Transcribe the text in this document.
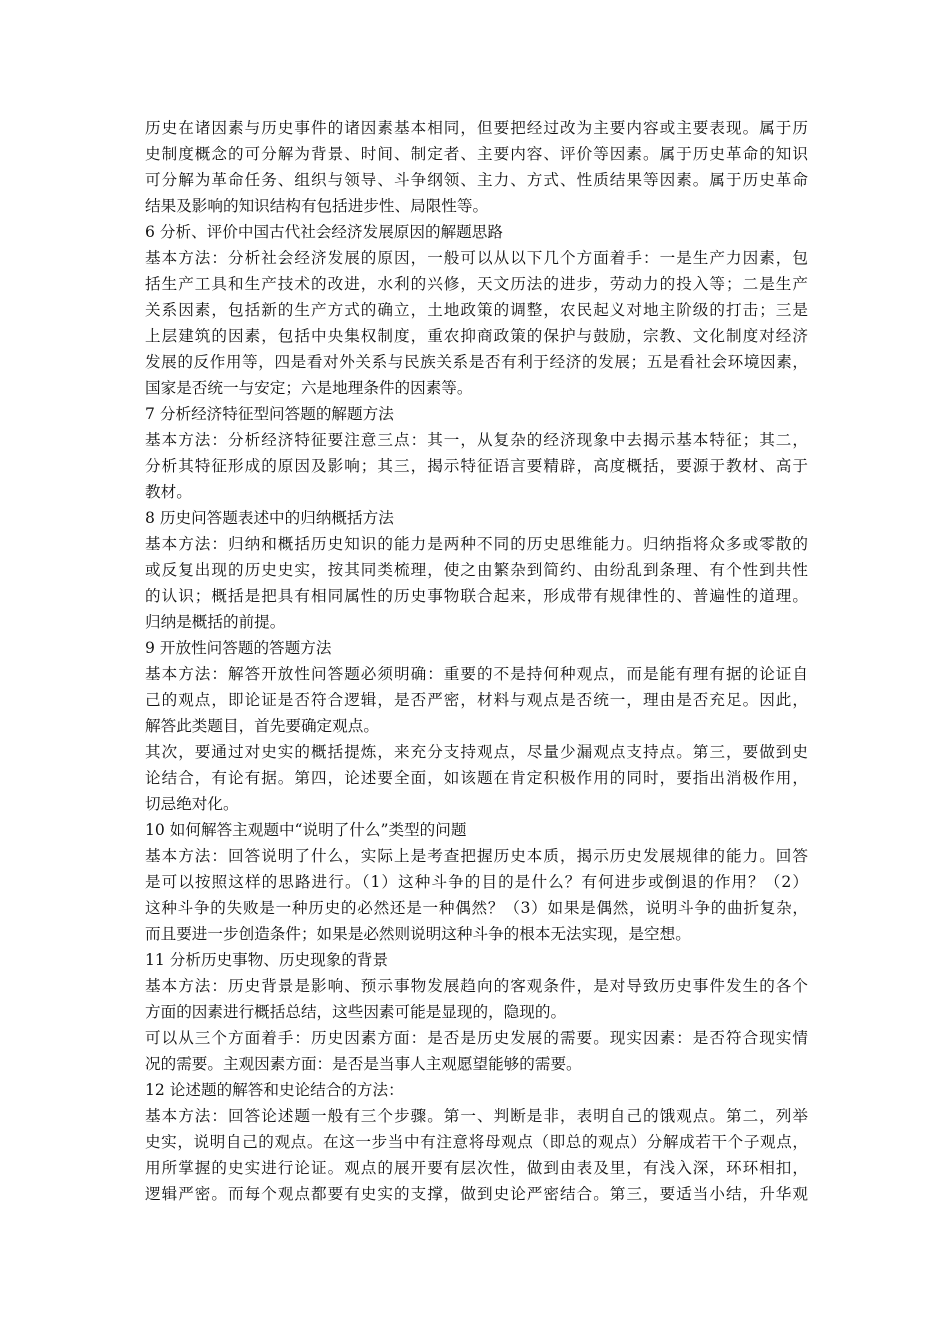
历史在诸因素与历史事件的诸因素基本相同，但要把经过改为主要内容或主要表现。属于历
史制度概念的可分解为背景、时间、制定者、主要内容、评价等因素。属于历史革命的知识
可分解为革命任务、组织与领导、斗争纲领、主力、方式、性质结果等因素。属于历史革命
结果及影响的知识结构有包括进步性、局限性等。
6 分析、评价中国古代社会经济发展原因的解题思路
基本方法：分析社会经济发展的原因，一般可以从以下几个方面着手：一是生产力因素，包
括生产工具和生产技术的改进，水利的兴修，天文历法的进步，劳动力的投入等；二是生产
关系因素，包括新的生产方式的确立，土地政策的调整，农民起义对地主阶级的打击；三是
上层建筑的因素，包括中央集权制度，重农抑商政策的保护与鼓励，宗教、文化制度对经济
发展的反作用等，四是看对外关系与民族关系是否有利于经济的发展；五是看社会环境因素，
国家是否统一与安定；六是地理条件的因素等。
7 分析经济特征型问答题的解题方法
基本方法：分析经济特征要注意三点：其一，从复杂的经济现象中去揭示基本特征；其二，
分析其特征形成的原因及影响；其三，揭示特征语言要精辟，高度概括，要源于教材、高于
教材。
8 历史问答题表述中的归纳概括方法
基本方法：归纳和概括历史知识的能力是两种不同的历史思维能力。归纳指将众多或零散的
或反复出现的历史史实，按其同类梳理，使之由繁杂到简约、由纷乱到条理、有个性到共性
的认识；概括是把具有相同属性的历史事物联合起来，形成带有规律性的、普遍性的道理。
归纳是概括的前提。
9 开放性问答题的答题方法
基本方法：解答开放性问答题必须明确：重要的不是持何种观点，而是能有理有据的论证自
己的观点，即论证是否符合逻辑，是否严密，材料与观点是否统一，理由是否充足。因此，
解答此类题目，首先要确定观点。
其次，要通过对史实的概括提炼，来充分支持观点，尽量少漏观点支持点。第三，要做到史
论结合，有论有据。第四，论述要全面，如该题在肯定积极作用的同时，要指出消极作用，
切忌绝对化。
10 如何解答主观题中“说明了什么”类型的问题
基本方法：回答说明了什么，实际上是考查把握历史本质，揭示历史发展规律的能力。回答
是可以按照这样的思路进行。（1）这种斗争的目的是什么？有何进步或倒退的作用？（2）
这种斗争的失败是一种历史的必然还是一种偶然？（3）如果是偶然，说明斗争的曲折复杂，
而且要进一步创造条件；如果是必然则说明这种斗争的根本无法实现，是空想。
11 分析历史事物、历史现象的背景
基本方法：历史背景是影响、预示事物发展趋向的客观条件，是对导致历史事件发生的各个
方面的因素进行概括总结，这些因素可能是显现的，隐现的。
可以从三个方面着手：历史因素方面：是否是历史发展的需要。现实因素：是否符合现实情
况的需要。主观因素方面：是否是当事人主观愿望能够的需要。
12 论述题的解答和史论结合的方法：
基本方法：回答论述题一般有三个步骤。第一、判断是非，表明自己的饿观点。第二，列举
史实，说明自己的观点。在这一步当中有注意将母观点（即总的观点）分解成若干个子观点，
用所掌握的史实进行论证。观点的展开要有层次性，做到由表及里，有浅入深，环环相扣，
逻辑严密。而每个观点都要有史实的支撑，做到史论严密结合。第三，要适当小结，升华观
